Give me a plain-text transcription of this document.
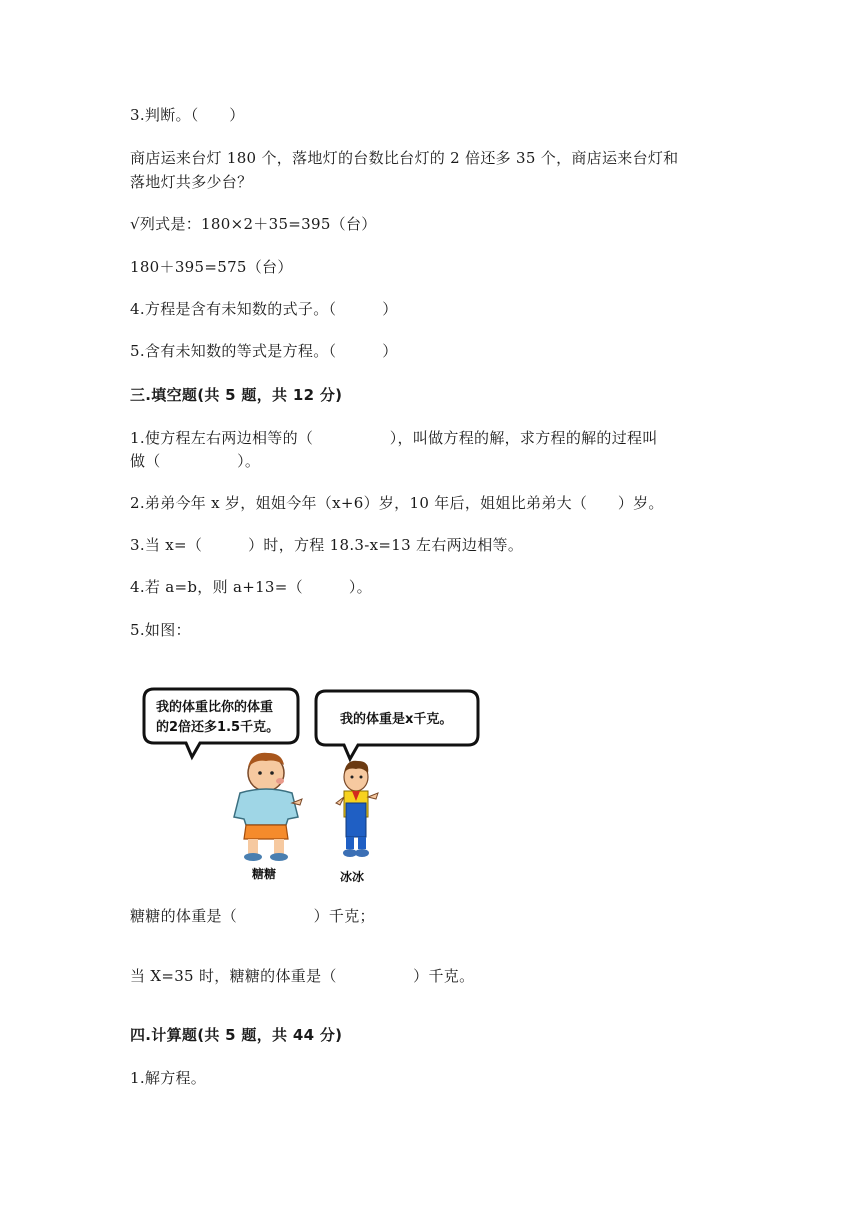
3.判断。（　　）
商店运来台灯 180 个，落地灯的台数比台灯的 2 倍还多 35 个，商店运来台灯和
落地灯共多少台？
√列式是：180×2＋35=395（台）
180＋395=575（台）
4.方程是含有未知数的式子。（　　　）
5.含有未知数的等式是方程。（　　　）
三.填空题(共 5 题，共 12 分)
1.使方程左右两边相等的（　　　　　），叫做方程的解，求方程的解的过程叫
做（　　　　　）。
2.弟弟今年 x 岁，姐姐今年（x+6）岁，10 年后，姐姐比弟弟大（　　）岁。
3.当 x=（　　　）时，方程 18.3-x=13 左右两边相等。
4.若 a=b，则 a+13=（　　　）。
5.如图：
我的体重比你的体重
的2倍还多1.5千克。
我的体重是x千克。
糖糖	冰冰
糖糖的体重是（　　　　　）千克；
当 X=35 时，糖糖的体重是（　　　　　）千克。
四.计算题(共 5 题，共 44 分)
1.解方程。
